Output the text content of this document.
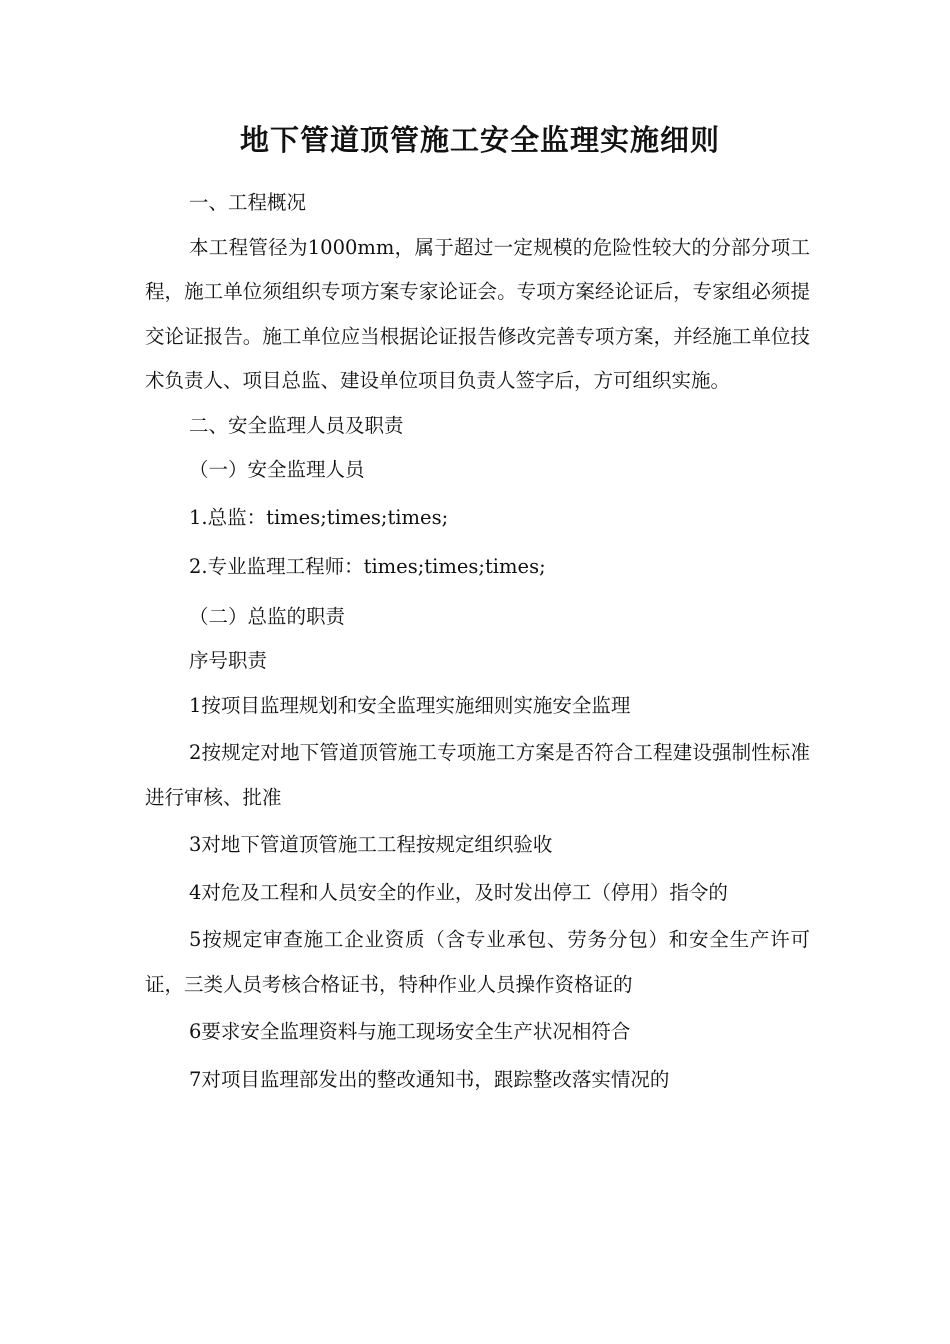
地下管道顶管施工安全监理实施细则

一、工程概况

本工程管径为1000mm，属于超过一定规模的危险性较大的分部分项工程，施工单位须组织专项方案专家论证会。专项方案经论证后，专家组必须提交论证报告。施工单位应当根据论证报告修改完善专项方案，并经施工单位技术负责人、项目总监、建设单位项目负责人签字后，方可组织实施。

二、安全监理人员及职责

（一）安全监理人员

1.总监：times;times;times;

2.专业监理工程师：times;times;times;

（二）总监的职责

序号职责

1按项目监理规划和安全监理实施细则实施安全监理

2按规定对地下管道顶管施工专项施工方案是否符合工程建设强制性标准进行审核、批准

3对地下管道顶管施工工程按规定组织验收

4对危及工程和人员安全的作业，及时发出停工（停用）指令的

5按规定审查施工企业资质（含专业承包、劳务分包）和安全生产许可证，三类人员考核合格证书，特种作业人员操作资格证的

6要求安全监理资料与施工现场安全生产状况相符合

7对项目监理部发出的整改通知书，跟踪整改落实情况的
